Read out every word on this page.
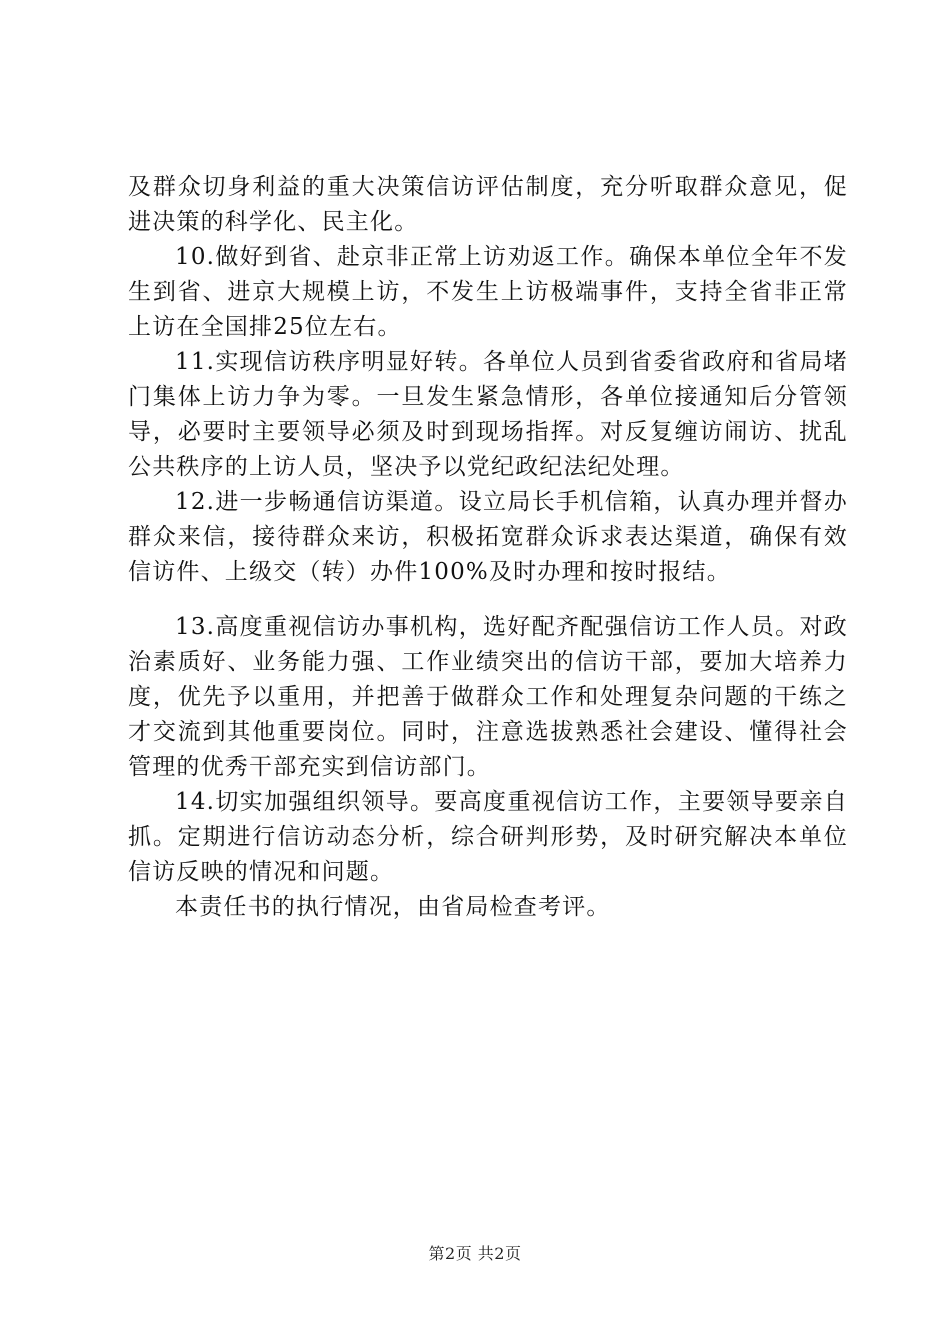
及群众切身利益的重大决策信访评估制度，充分听取群众意见，促进决策的科学化、民主化。

10.做好到省、赴京非正常上访劝返工作。确保本单位全年不发生到省、进京大规模上访，不发生上访极端事件，支持全省非正常上访在全国排25位左右。

11.实现信访秩序明显好转。各单位人员到省委省政府和省局堵门集体上访力争为零。一旦发生紧急情形，各单位接通知后分管领导，必要时主要领导必须及时到现场指挥。对反复缠访闹访、扰乱公共秩序的上访人员，坚决予以党纪政纪法纪处理。

12.进一步畅通信访渠道。设立局长手机信箱，认真办理并督办群众来信，接待群众来访，积极拓宽群众诉求表达渠道，确保有效信访件、上级交（转）办件100%及时办理和按时报结。

13.高度重视信访办事机构，选好配齐配强信访工作人员。对政治素质好、业务能力强、工作业绩突出的信访干部，要加大培养力度，优先予以重用，并把善于做群众工作和处理复杂问题的干练之才交流到其他重要岗位。同时，注意选拔熟悉社会建设、懂得社会管理的优秀干部充实到信访部门。

14.切实加强组织领导。要高度重视信访工作，主要领导要亲自抓。定期进行信访动态分析，综合研判形势，及时研究解决本单位信访反映的情况和问题。

本责任书的执行情况，由省局检查考评。

第2页 共2页
